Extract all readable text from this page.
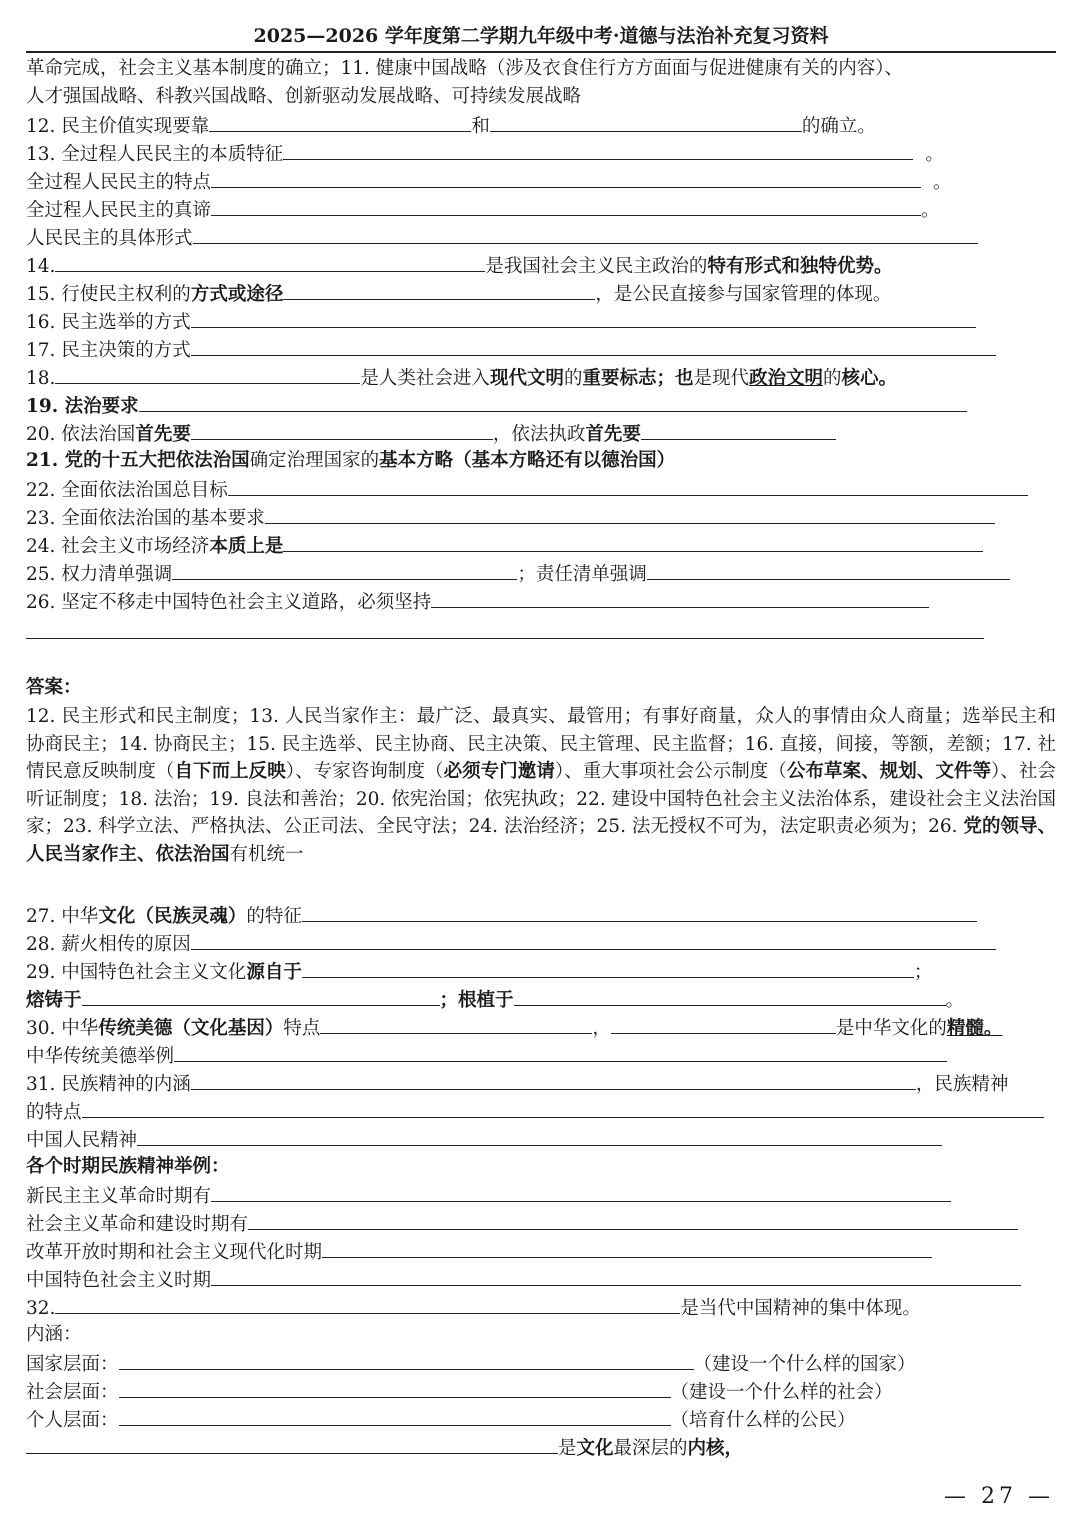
2025—2026 学年度第二学期九年级中考·道德与法治补充复习资料
革命完成，社会主义基本制度的确立；11. 健康中国战略（涉及衣食住行方方面面与促进健康有关的内容）、
人才强国战略、科教兴国战略、创新驱动发展战略、可持续发展战略
12. 民主价值实现要靠	和	的确立。
13. 全过程人民民主的本质特征	。
全过程人民民主的特点	。
全过程人民民主的真谛	。
人民民主的具体形式
14.	是我国社会主义民主政治的特有形式和独特优势。
15. 行使民主权利的方式或途径	，是公民直接参与国家管理的体现。
16. 民主选举的方式
17. 民主决策的方式
18.	是人类社会进入现代文明的重要标志；也是现代政治文明的核心。
19. 法治要求
20. 依法治国首先要	，依法执政首先要
21. 党的十五大把依法治国确定治理国家的基本方略（基本方略还有以德治国）
22. 全面依法治国总目标
23. 全面依法治国的基本要求
24. 社会主义市场经济本质上是
25. 权力清单强调	；责任清单强调
26. 坚定不移走中国特色社会主义道路，必须坚持
答案：
12. 民主形式和民主制度；13. 人民当家作主：最广泛、最真实、最管用；有事好商量，众人的事情由众人商量；选举民主和协商民主；14. 协商民主；15. 民主选举、民主协商、民主决策、民主管理、民主监督；16. 直接，间接，等额，差额；17. 社情民意反映制度（自下而上反映）、专家咨询制度（必须专门邀请）、重大事项社会公示制度（公布草案、规划、文件等）、社会听证制度；18. 法治；19. 良法和善治；20. 依宪治国；依宪执政；22. 建设中国特色社会主义法治体系，建设社会主义法治国家；23. 科学立法、严格执法、公正司法、全民守法；24. 法治经济；25. 法无授权不可为，法定职责必须为；26. 党的领导、人民当家作主、依法治国有机统一
27. 中华文化（民族灵魂）的特征
28. 薪火相传的原因
29. 中国特色社会主义文化源自于	；
熔铸于	；根植于	。
30. 中华传统美德（文化基因）特点	，	是中华文化的精髓。
中华传统美德举例
31. 民族精神的内涵	，民族精神
的特点
中国人民精神
各个时期民族精神举例：
新民主主义革命时期有
社会主义革命和建设时期有
改革开放时期和社会主义现代化时期
中国特色社会主义时期
32.	是当代中国精神的集中体现。
内涵：
国家层面：	（建设一个什么样的国家）
社会层面：	（建设一个什么样的社会）
个人层面：	（培育什么样的公民）
是文化最深层的内核，
— 27 —
